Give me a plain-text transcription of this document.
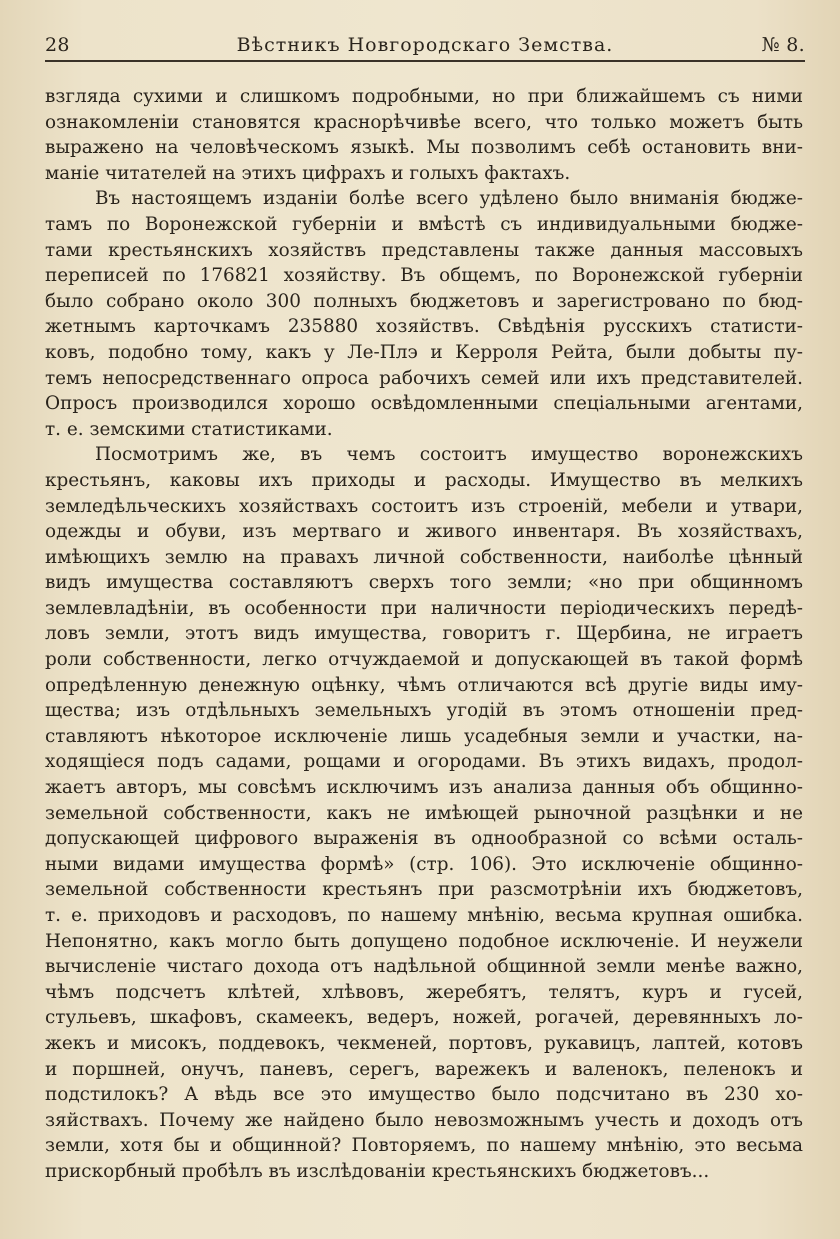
28	Вѣстникъ Новгородскаго Земства.	№ 8.
взгляда сухими и слишкомъ подробными, но при ближайшемъ съ ними
ознакомленіи становятся краснорѣчивѣе всего, что только можетъ быть
выражено на человѣческомъ языкѣ. Мы позволимъ себѣ остановить вни-
маніе читателей на этихъ цифрахъ и голыхъ фактахъ.
Въ настоящемъ изданіи болѣе всего удѣлено было вниманія бюдже-
тамъ по Воронежской губерніи и вмѣстѣ съ индивидуальными бюдже-
тами крестьянскихъ хозяйствъ представлены также данныя массовыхъ
переписей по 176821 хозяйству. Въ общемъ, по Воронежской губерніи
было собрано около 300 полныхъ бюджетовъ и зарегистровано по бюд-
жетнымъ карточкамъ 235880 хозяйствъ. Свѣдѣнія русскихъ статисти-
ковъ, подобно тому, какъ у Ле-Плэ и Керроля Рейта, были добыты пу-
темъ непосредственнаго опроса рабочихъ семей или ихъ представителей.
Опросъ производился хорошо освѣдомленными спеціальными агентами,
т. е. земскими статистиками.
Посмотримъ же, въ чемъ состоитъ имущество воронежскихъ
крестьянъ, каковы ихъ приходы и расходы. Имущество въ мелкихъ
земледѣльческихъ хозяйствахъ состоитъ изъ строеній, мебели и утвари,
одежды и обуви, изъ мертваго и живого инвентаря. Въ хозяйствахъ,
имѣющихъ землю на правахъ личной собственности, наиболѣе цѣнный
видъ имущества составляютъ сверхъ того земли; «но при общинномъ
землевладѣніи, въ особенности при наличности періодическихъ передѣ-
ловъ земли, этотъ видъ имущества, говоритъ г. Щербина, не играетъ
роли собственности, легко отчуждаемой и допускающей въ такой формѣ
опредѣленную денежную оцѣнку, чѣмъ отличаются всѣ другіе виды иму-
щества; изъ отдѣльныхъ земельныхъ угодій въ этомъ отношеніи пред-
ставляютъ нѣкоторое исключеніе лишь усадебныя земли и участки, на-
ходящіеся подъ садами, рощами и огородами. Въ этихъ видахъ, продол-
жаетъ авторъ, мы совсѣмъ исключимъ изъ анализа данныя объ общинно-
земельной собственности, какъ не имѣющей рыночной разцѣнки и не
допускающей цифрового выраженія въ однообразной со всѣми осталь-
ными видами имущества формѣ» (стр. 106). Это исключеніе общинно-
земельной собственности крестьянъ при разсмотрѣніи ихъ бюджетовъ,
т. е. приходовъ и расходовъ, по нашему мнѣнію, весьма крупная ошибка.
Непонятно, какъ могло быть допущено подобное исключеніе. И неужели
вычисленіе чистаго дохода отъ надѣльной общинной земли менѣе важно,
чѣмъ подсчетъ клѣтей, хлѣвовъ, жеребятъ, телятъ, куръ и гусей,
стульевъ, шкафовъ, скамеекъ, ведеръ, ножей, рогачей, деревянныхъ ло-
жекъ и мисокъ, поддевокъ, чекменей, портовъ, рукавицъ, лаптей, котовъ
и поршней, онучъ, паневъ, серегъ, варежекъ и валенокъ, пеленокъ и
подстилокъ? А вѣдь все это имущество было подсчитано въ 230 хо-
зяйствахъ. Почему же найдено было невозможнымъ учесть и доходъ отъ
земли, хотя бы и общинной? Повторяемъ, по нашему мнѣнію, это весьма
прискорбный пробѣлъ въ изслѣдованіи крестьянскихъ бюджетовъ...
